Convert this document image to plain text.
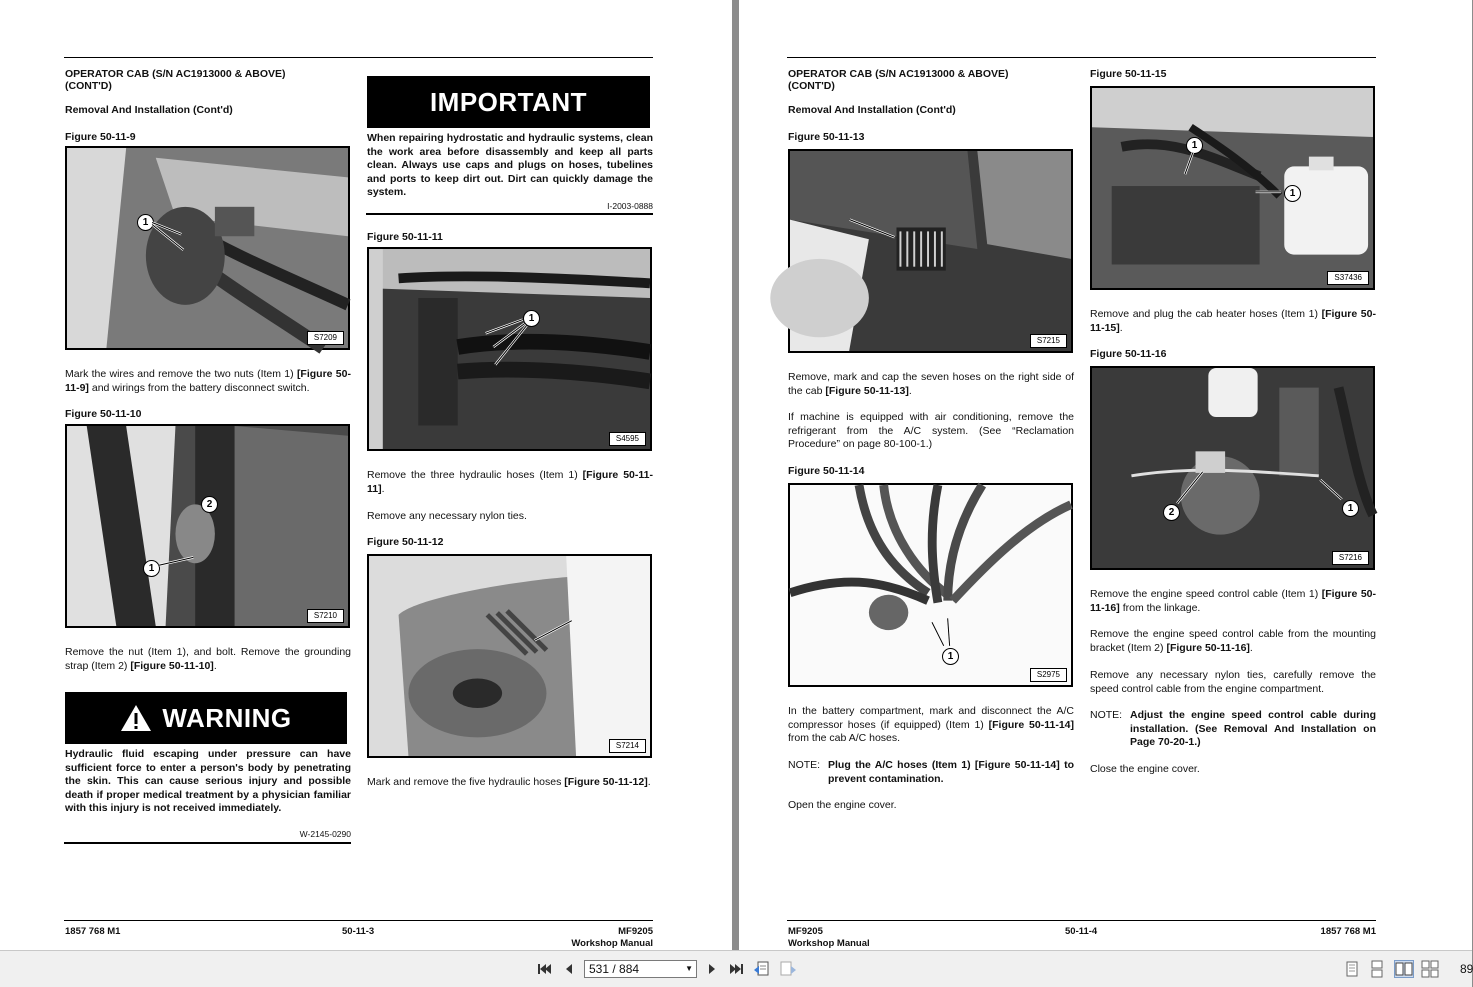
OPERATOR CAB (S/N AC1913000 & ABOVE) (CONT'D)
Removal And Installation (Cont'd)
Figure 50-11-9
1
S7209
Mark the wires and remove the two nuts (Item 1) [Figure 50-11-9] and wirings from the battery disconnect switch.
Figure 50-11-10
2
1
S7210
Remove the nut (Item 1), and bolt. Remove the grounding strap (Item 2) [Figure 50-11-10].
WARNING
Hydraulic fluid escaping under pressure can have sufficient force to enter a person's body by penetrating the skin. This can cause serious injury and possible death if proper medical treatment by a physician familiar with this injury is not received immediately.
W-2145-0290
IMPORTANT
When repairing hydrostatic and hydraulic systems, clean the work area before disassembly and keep all parts clean. Always use caps and plugs on hoses, tubelines and ports to keep dirt out. Dirt can quickly damage the system.
I-2003-0888
Figure 50-11-11
1
S4595
Remove the three hydraulic hoses (Item 1) [Figure 50-11-11].
Remove any necessary nylon ties.
Figure 50-11-12
S7214
Mark and remove the five hydraulic hoses [Figure 50-11-12].
1857 768 M1	50-11-3	MF9205
Workshop Manual
OPERATOR CAB (S/N AC1913000 & ABOVE) (CONT'D)
Removal And Installation (Cont'd)
Figure 50-11-13
S7215
Remove, mark and cap the seven hoses on the right side of the cab [Figure 50-11-13].
If machine is equipped with air conditioning, remove the refrigerant from the A/C system. (See “Reclamation Procedure” on page 80-100-1.)
Figure 50-11-14
1
S2975
In the battery compartment, mark and disconnect the A/C compressor hoses (if equipped) (Item 1) [Figure 50-11-14] from the cab A/C hoses.
NOTE: Plug the A/C hoses (Item 1) [Figure 50-11-14] to prevent contamination.
Open the engine cover.
Figure 50-11-15
1
1
S37436
Remove and plug the cab heater hoses (Item 1) [Figure 50-11-15].
Figure 50-11-16
2	1
S7216
Remove the engine speed control cable (Item 1) [Figure 50-11-16] from the linkage.
Remove the engine speed control cable from the mounting bracket (Item 2) [Figure 50-11-16].
Remove any necessary nylon ties, carefully remove the speed control cable from the engine compartment.
NOTE: Adjust the engine speed control cable during installation. (See Removal And Installation on Page 70-20-1.)
Close the engine cover.
MF9205
Workshop Manual
50-11-4	1857 768 M1
531 / 884	▼	89
